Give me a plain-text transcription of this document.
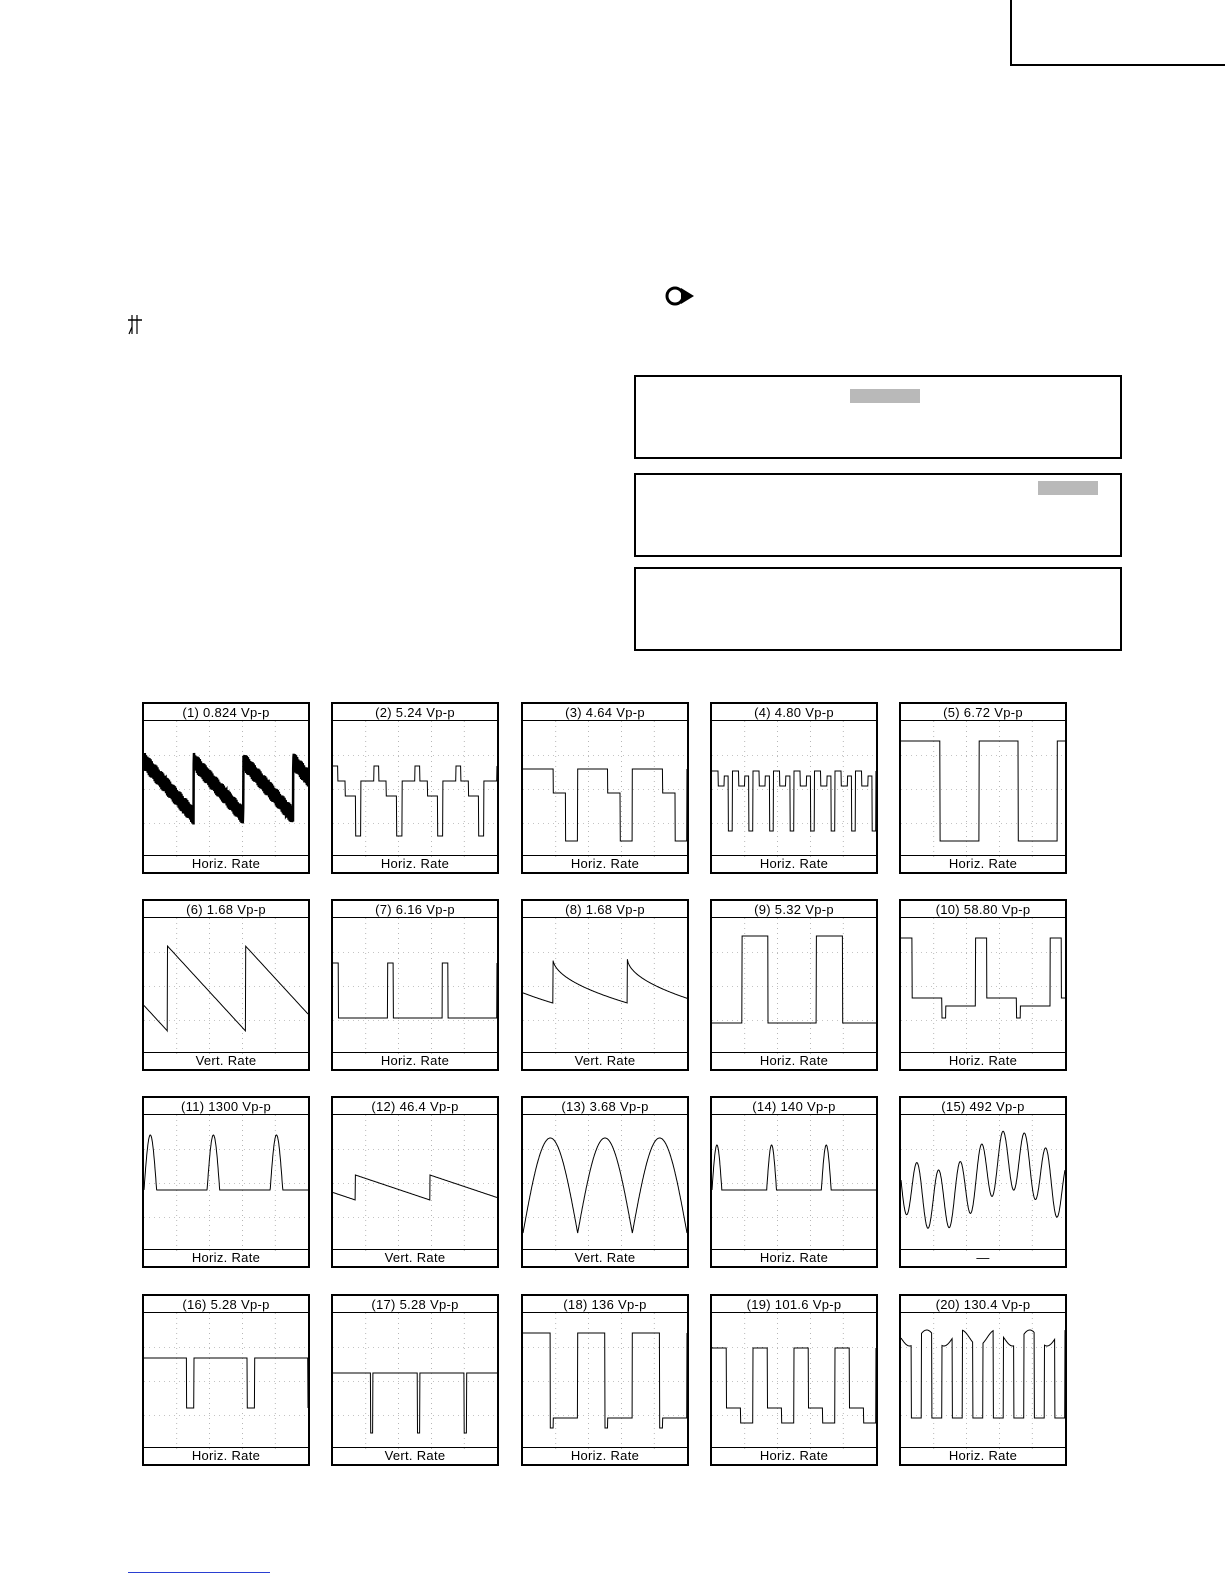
(1) 0.824 Vp-p
Horiz. Rate
(2) 5.24 Vp-p
Horiz. Rate
(3) 4.64 Vp-p
Horiz. Rate
(4) 4.80 Vp-p
Horiz. Rate
(5) 6.72 Vp-p
Horiz. Rate
(6) 1.68 Vp-p
Vert. Rate
(7) 6.16 Vp-p
Horiz. Rate
(8) 1.68 Vp-p
Vert. Rate
(9) 5.32 Vp-p
Horiz. Rate
(10) 58.80 Vp-p
Horiz. Rate
(11) 1300 Vp-p
Horiz. Rate
(12) 46.4 Vp-p
Vert. Rate
(13) 3.68 Vp-p
Vert. Rate
(14) 140 Vp-p
Horiz. Rate
(15) 492 Vp-p
—
(16) 5.28 Vp-p
Horiz. Rate
(17) 5.28 Vp-p
Vert. Rate
(18) 136 Vp-p
Horiz. Rate
(19) 101.6 Vp-p
Horiz. Rate
(20) 130.4 Vp-p
Horiz. Rate
